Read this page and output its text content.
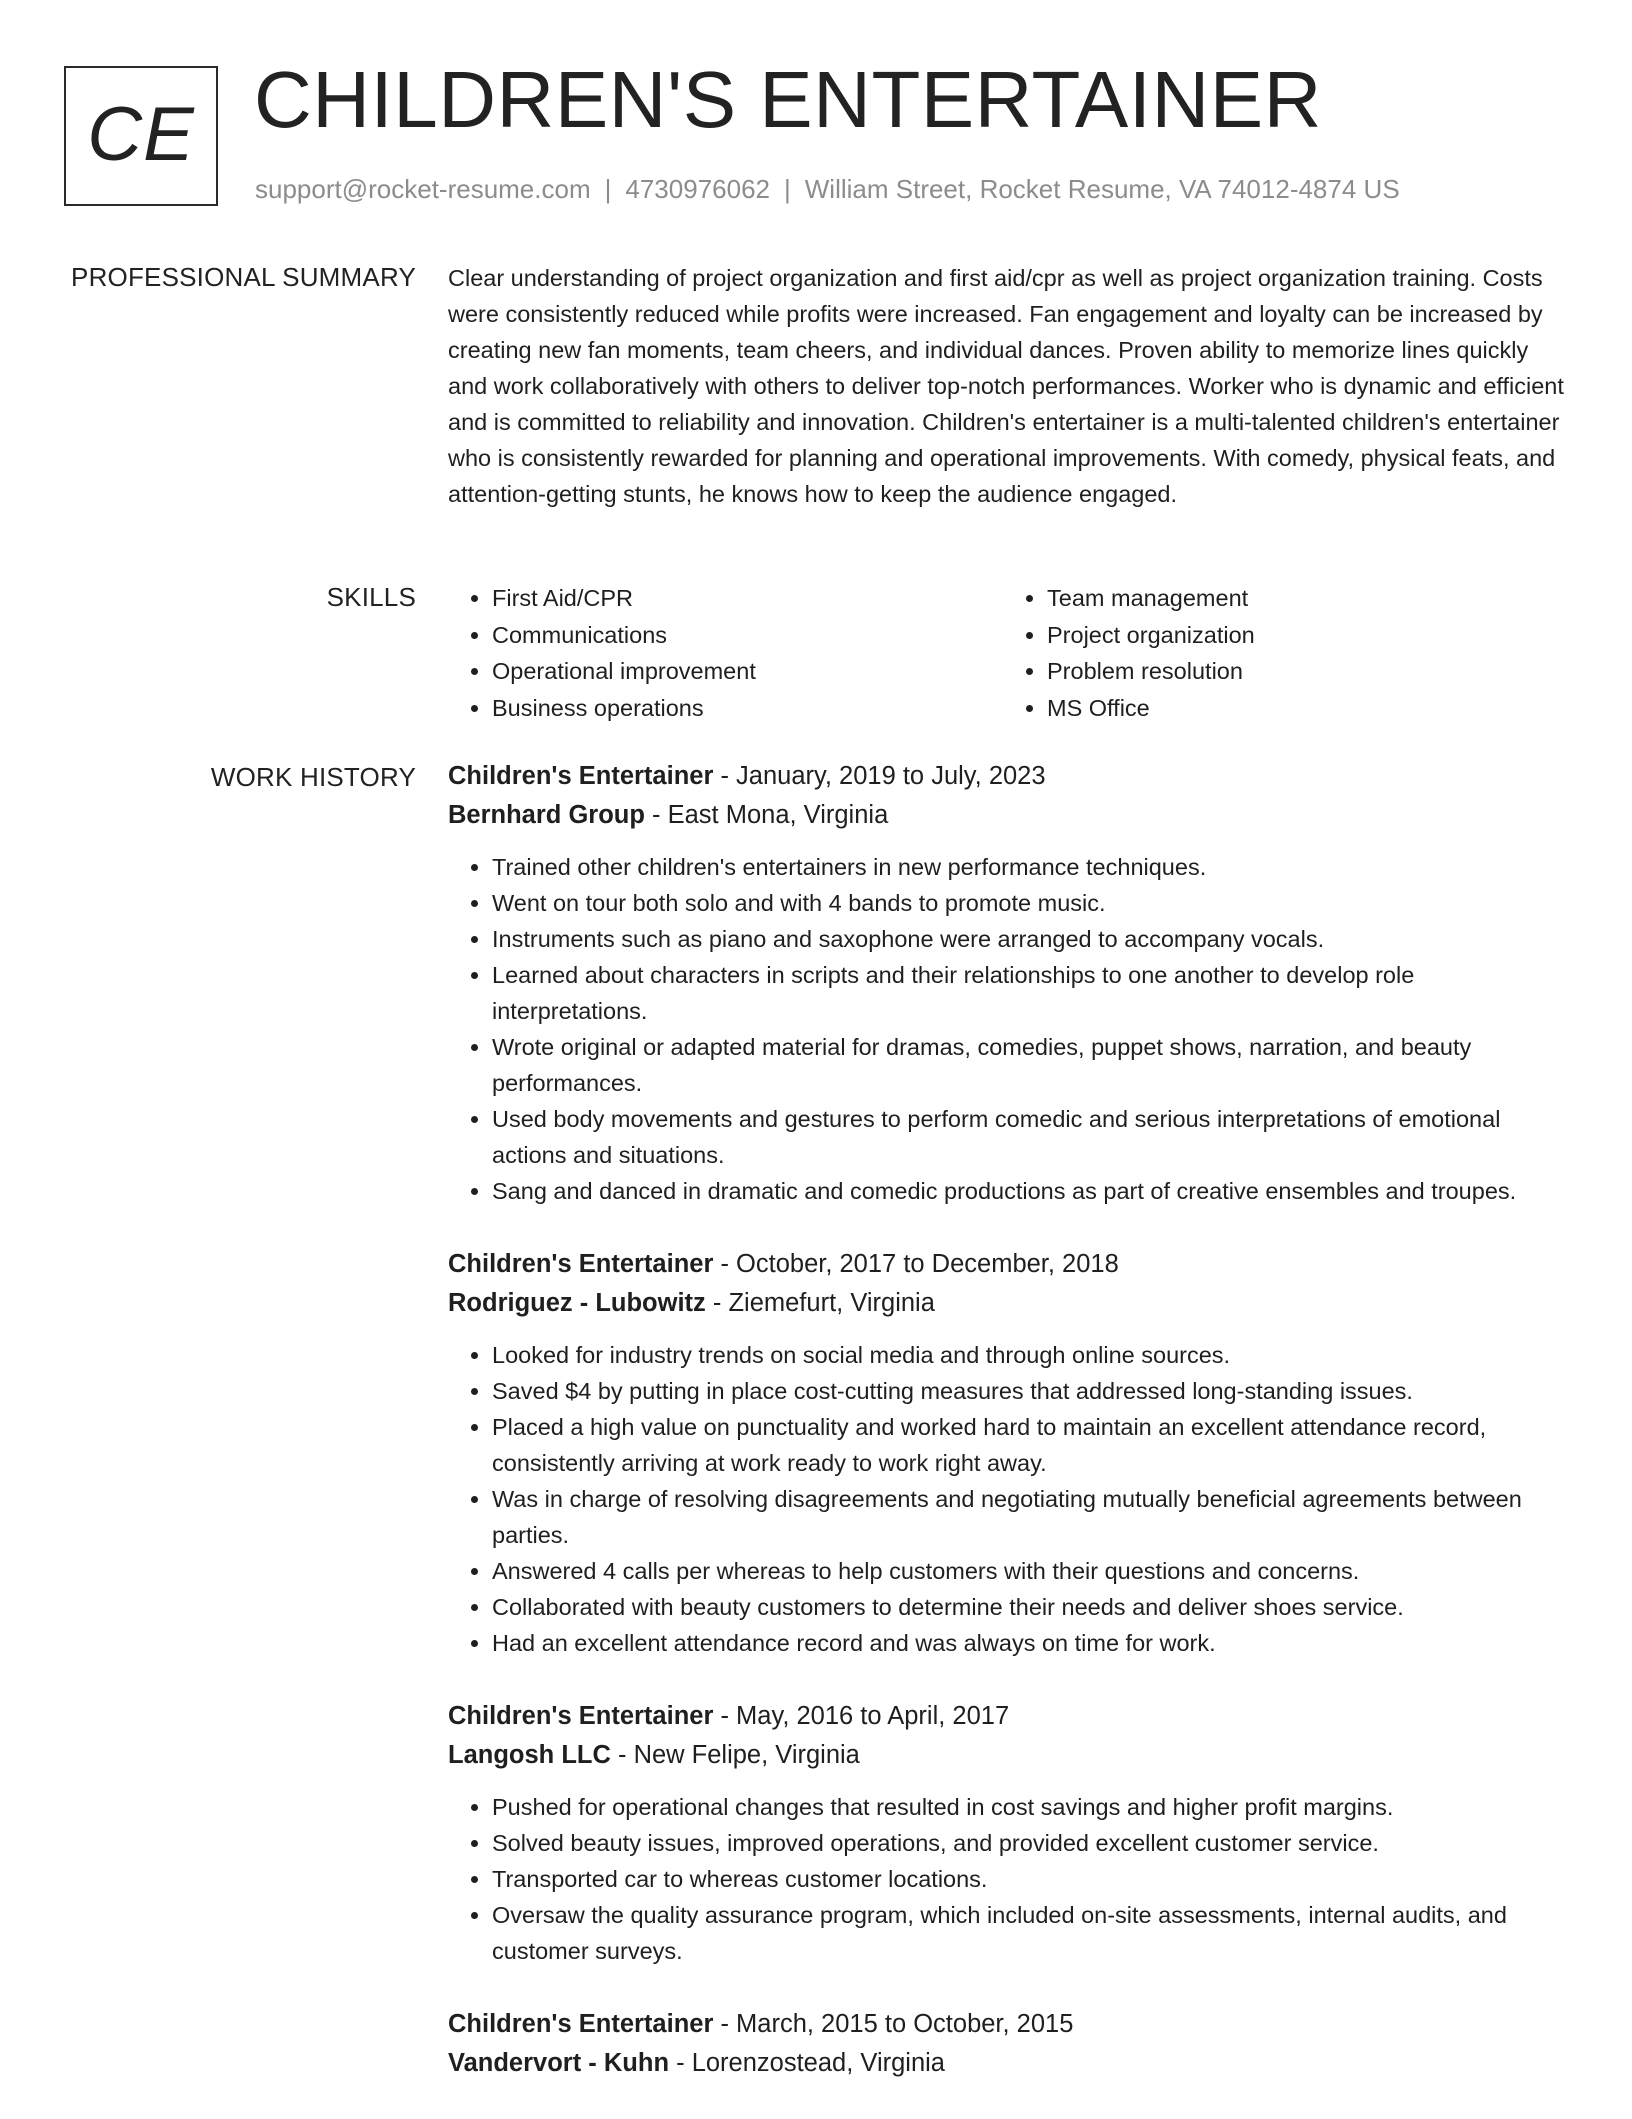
CE CHILDREN'S ENTERTAINER
support@rocket-resume.com | 4730976062 | William Street, Rocket Resume, VA 74012-4874 US
PROFESSIONAL SUMMARY Clear understanding of project organization and first aid/cpr as well as project organization training. Costs were consistently reduced while profits were increased. Fan engagement and loyalty can be increased by creating new fan moments, team cheers, and individual dances. Proven ability to memorize lines quickly and work collaboratively with others to deliver top-notch performances. Worker who is dynamic and efficient and is committed to reliability and innovation. Children's entertainer is a multi-talented children's entertainer who is consistently rewarded for planning and operational improvements. With comedy, physical feats, and attention-getting stunts, he knows how to keep the audience engaged.

SKILLS
•	First Aid/CPR
• Communications
• Operational improvement
• Business operations
• Team management
• Project organization
• Problem resolution
• MS Office
WORK HISTORY Children's Entertainer - January, 2019 to July, 2023
Bernhard Group - East Mona, Virginia
• Trained other children's entertainers in new performance techniques.
• Went on tour both solo and with 4 bands to promote music.
• Instruments such as piano and saxophone were arranged to accompany vocals.
• Learned about characters in scripts and their relationships to one another to develop role interpretations.
• Wrote original or adapted material for dramas, comedies, puppet shows, narration, and beauty performances.
• Used body movements and gestures to perform comedic and serious interpretations of emotional actions and situations.
• Sang and danced in dramatic and comedic productions as part of creative ensembles and troupes.
Children's Entertainer - October, 2017 to December, 2018
Rodriguez - Lubowitz - Ziemefurt, Virginia
• Looked for industry trends on social media and through online sources.
• Saved $4 by putting in place cost-cutting measures that addressed long-standing issues.
• Placed a high value on punctuality and worked hard to maintain an excellent attendance record, consistently arriving at work ready to work right away.
• Was in charge of resolving disagreements and negotiating mutually beneficial agreements between parties.
• Answered 4 calls per whereas to help customers with their questions and concerns.
• Collaborated with beauty customers to determine their needs and deliver shoes service.
• Had an excellent attendance record and was always on time for work.
Children's Entertainer - May, 2016 to April, 2017
Langosh LLC - New Felipe, Virginia
• Pushed for operational changes that resulted in cost savings and higher profit margins.
• Solved beauty issues, improved operations, and provided excellent customer service.
• Transported car to whereas customer locations.
• Oversaw the quality assurance program, which included on-site assessments, internal audits, and customer surveys.
Children's Entertainer - March, 2015 to October, 2015
Vandervort - Kuhn - Lorenzostead, Virginia
